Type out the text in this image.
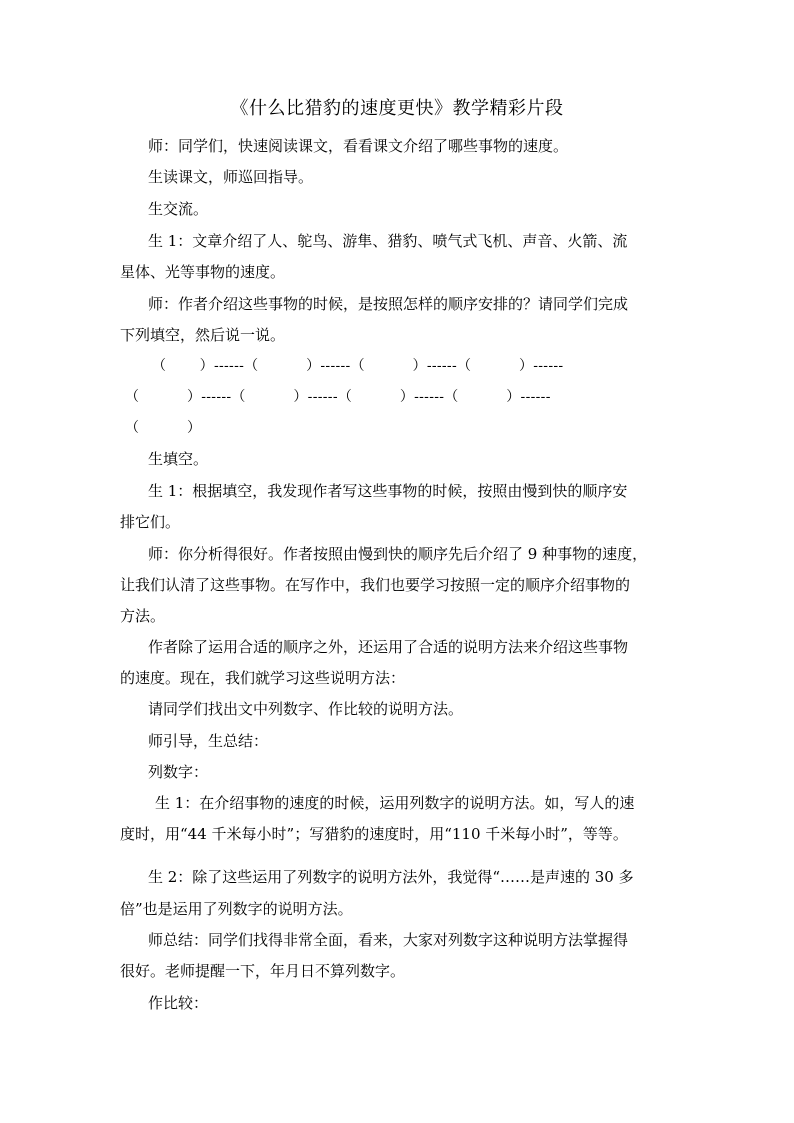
《什么比猎豹的速度更快》教学精彩片段
师：同学们，快速阅读课文，看看课文介绍了哪些事物的速度。
生读课文，师巡回指导。
生交流。
生 1：文章介绍了人、鸵鸟、游隼、猎豹、喷气式飞机、声音、火箭、流
星体、光等事物的速度。
师：作者介绍这些事物的时候，是按照怎样的顺序安排的？请同学们完成
下列填空，然后说一说。
（　　 ）------（　　　 ）------（　　　 ）------（　　　 ）------
（　　　 ）------（　　　 ）------（　　　 ）------（　　　 ）------
（　　　 ）
生填空。
生 1：根据填空，我发现作者写这些事物的时候，按照由慢到快的顺序安
排它们。
师：你分析得很好。作者按照由慢到快的顺序先后介绍了 9 种事物的速度，
让我们认清了这些事物。在写作中，我们也要学习按照一定的顺序介绍事物的
方法。
作者除了运用合适的顺序之外，还运用了合适的说明方法来介绍这些事物
的速度。现在，我们就学习这些说明方法：
请同学们找出文中列数字、作比较的说明方法。
师引导，生总结：
列数字：
生 1：在介绍事物的速度的时候，运用列数字的说明方法。如，写人的速
度时，用“44 千米每小时”；写猎豹的速度时，用“110 千米每小时”，等等。
生 2：除了这些运用了列数字的说明方法外，我觉得“……是声速的 30 多
倍”也是运用了列数字的说明方法。
师总结：同学们找得非常全面，看来，大家对列数字这种说明方法掌握得
很好。老师提醒一下，年月日不算列数字。
作比较：
